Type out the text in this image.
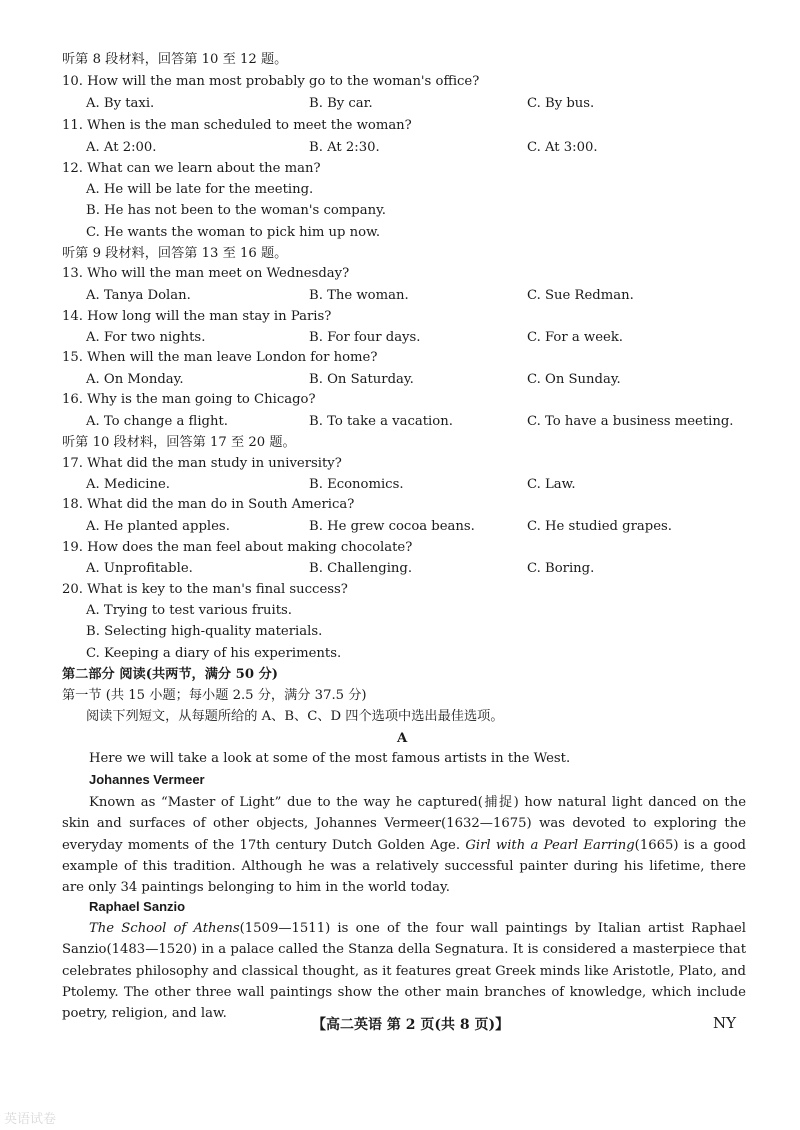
听第 8 段材料，回答第 10 至 12 题。
10. How will the man most probably go to the woman's office?
A. By taxi.	B. By car.	C. By bus.
11. When is the man scheduled to meet the woman?
A. At 2:00.	B. At 2:30.	C. At 3:00.
12. What can we learn about the man?
A. He will be late for the meeting.
B. He has not been to the woman's company.
C. He wants the woman to pick him up now.
听第 9 段材料，回答第 13 至 16 题。
13. Who will the man meet on Wednesday?
A. Tanya Dolan.	B. The woman.	C. Sue Redman.
14. How long will the man stay in Paris?
A. For two nights.	B. For four days.	C. For a week.
15. When will the man leave London for home?
A. On Monday.	B. On Saturday.	C. On Sunday.
16. Why is the man going to Chicago?
A. To change a flight.	B. To take a vacation.	C. To have a business meeting.
听第 10 段材料，回答第 17 至 20 题。
17. What did the man study in university?
A. Medicine.	B. Economics.	C. Law.
18. What did the man do in South America?
A. He planted apples.	B. He grew cocoa beans.	C. He studied grapes.
19. How does the man feel about making chocolate?
A. Unprofitable.	B. Challenging.	C. Boring.
20. What is key to the man's final success?
A. Trying to test various fruits.
B. Selecting high-quality materials.
C. Keeping a diary of his experiments.
第二部分 阅读(共两节，满分 50 分)
第一节 (共 15 小题；每小题 2.5 分，满分 37.5 分)
阅读下列短文，从每题所给的 A、B、C、D 四个选项中选出最佳选项。
A
Here we will take a look at some of the most famous artists in the West.
Johannes Vermeer
Known as “Master of Light” due to the way he captured(捕捉) how natural light danced on the skin and surfaces of other objects, Johannes Vermeer(1632—1675) was devoted to exploring the everyday moments of the 17th century Dutch Golden Age. Girl with a Pearl Earring(1665) is a good example of this tradition. Although he was a relatively successful painter during his lifetime, there are only 34 paintings belonging to him in the world today.
Raphael Sanzio
The School of Athens(1509—1511) is one of the four wall paintings by Italian artist Raphael Sanzio(1483—1520) in a palace called the Stanza della Segnatura. It is considered a masterpiece that celebrates philosophy and classical thought, as it features great Greek minds like Aristotle, Plato, and Ptolemy. The other three wall paintings show the other main branches of knowledge, which include poetry, religion, and law.
【高二英语 第 2 页(共 8 页)】	NY
英语试卷
